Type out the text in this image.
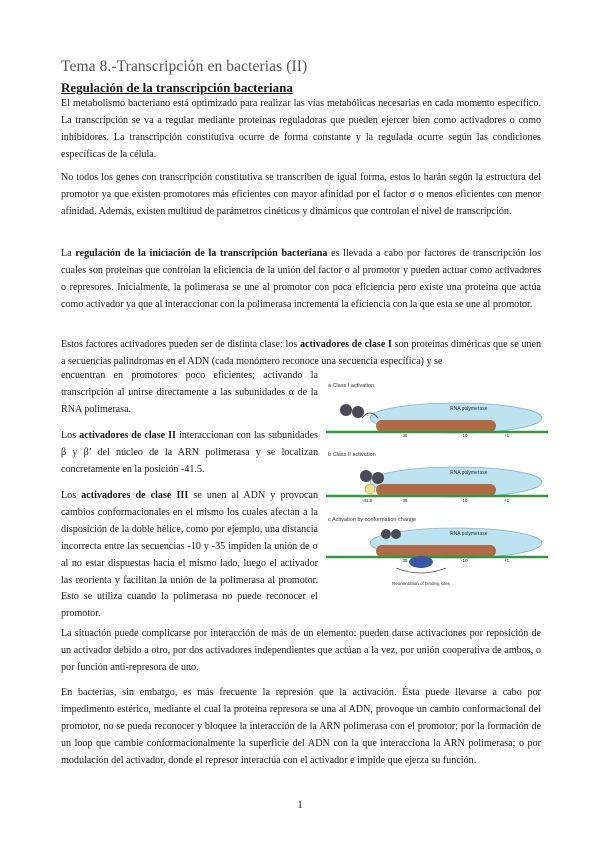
Tema 8.-Transcripción en bacterias (II)
Regulación de la transcripción bacteriana

El metabolismo bacteriano está optimizado para realizar las vías metabólicas necesarias en cada momento específico. La transcripción se va a regular mediante proteínas reguladoras que pueden ejercer bien como activadores o como inhibidores. La transcripción constitutiva ocurre de forma constante y la regulada ocurre según las condiciones específicas de la célula.

No todos los genes con transcripción constitutiva se transcriben de igual forma, estos lo harán según la estructura del promotor ya que existen promotores más eficientes con mayor afinidad por el factor σ o menos eficientes con menor afinidad. Además, existen multitud de parámetros cinéticos y dinámicos que controlan el nivel de transcripción.

La regulación de la iniciación de la transcripción bacteriana es llevada a cabo por factores de transcripción los cuales son proteínas que controlan la eficiencia de la unión del factor σ al promotor y pueden actuar como activadores o represores. Inicialmente, la polimerasa se une al promotor con poca eficiencia pero existe una proteína que actúa como activador ya que al interaccionar con la polimerasa incrementa la eficiencia con la que esta se une al promotor.

Estos factores activadores pueden ser de distinta clase: los activadores de clase I son proteínas diméricas que se unen a secuencias palíndromas en el ADN (cada monómero reconoce una secuencia específica) y se

encuentran en promotores poco eficientes; activando la transcripción al unirse directamente a las subunidades α de la RNA polimerasa.

Los activadores de clase II interaccionan con las subunidades β y β’ del núcleo de la ARN polimerasa y se localizan concretamente en la posición -41.5.

Los activadores de clase III se unen al ADN y provocan cambios conformacionales en el mismo los cuales afectan a la disposición de la doble hélice, como por ejemplo, una distancia incorrecta entre las secuencias -10 y -35 impiden la unión de σ al no estar dispuestas hacia el mismo lado, luego el activador las reorienta y facilitan la unión de la polimerasa al promotor. Esto se utiliza cuando la polimerasa no puede reconocer el promotor.

a Class I activation
RNA polymerase
-35	-10	+1
b Class II activation
RNA polymerase
-41.5	-35	-10	+1
c Activation by conformation change
RNA polymerase
-35	-10	+1
Reorientation of binding sites

La situación puede complicarse por interacción de más de un elemento: pueden darse activaciones por reposición de un activador debido a otro, por dos activadores independientes que actúan a la vez, por unión cooperativa de ambos, o por función anti-represora de uno.

En bacterias, sin embargo, es más frecuente la represión que la activación. Ésta puede llevarse a cabo por impedimento estérico, mediante el cual la proteína represora se una al ADN, provoque un cambio conformacional del promotor, no se pueda reconocer y bloquee la interacción de la ARN polimerasa con el promotor; por la formación de un loop que cambie conformacionalmente la superficie del ADN con la que interacciona la ARN polimerasa; o por modulación del activador, donde el represor interactúa con el activador e impide que ejerza su función.

1
